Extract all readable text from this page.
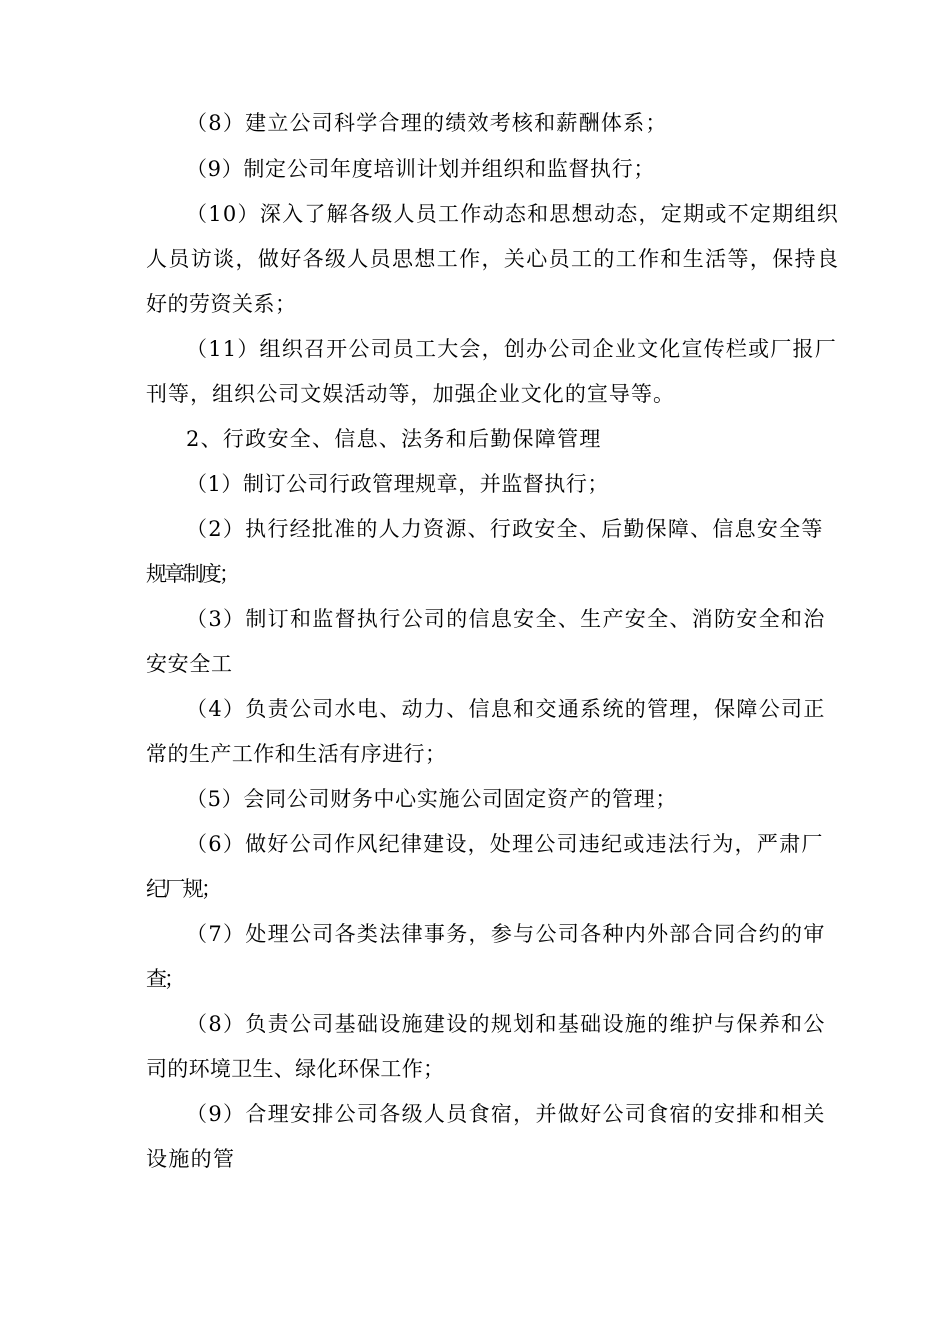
（8）建立公司科学合理的绩效考核和薪酬体系；
（9）制定公司年度培训计划并组织和监督执行；
（10）深入了解各级人员工作动态和思想动态，定期或不定期组织
人员访谈，做好各级人员思想工作，关心员工的工作和生活等，保持良
好的劳资关系；
（11）组织召开公司员工大会，创办公司企业文化宣传栏或厂报厂
刊等，组织公司文娱活动等，加强企业文化的宣导等。
2、行政安全、信息、法务和后勤保障管理
（1）制订公司行政管理规章，并监督执行；
（2）执行经批准的人力资源、行政安全、后勤保障、信息安全等
规章制度；
（3）制订和监督执行公司的信息安全、生产安全、消防安全和治
安安全工
（4）负责公司水电、动力、信息和交通系统的管理，保障公司正
常的生产工作和生活有序进行；
（5）会同公司财务中心实施公司固定资产的管理；
（6）做好公司作风纪律建设，处理公司违纪或违法行为，严肃厂
纪厂规；
（7）处理公司各类法律事务，参与公司各种内外部合同合约的审
查；
（8）负责公司基础设施建设的规划和基础设施的维护与保养和公
司的环境卫生、绿化环保工作；
（9）合理安排公司各级人员食宿，并做好公司食宿的安排和相关
设施的管
